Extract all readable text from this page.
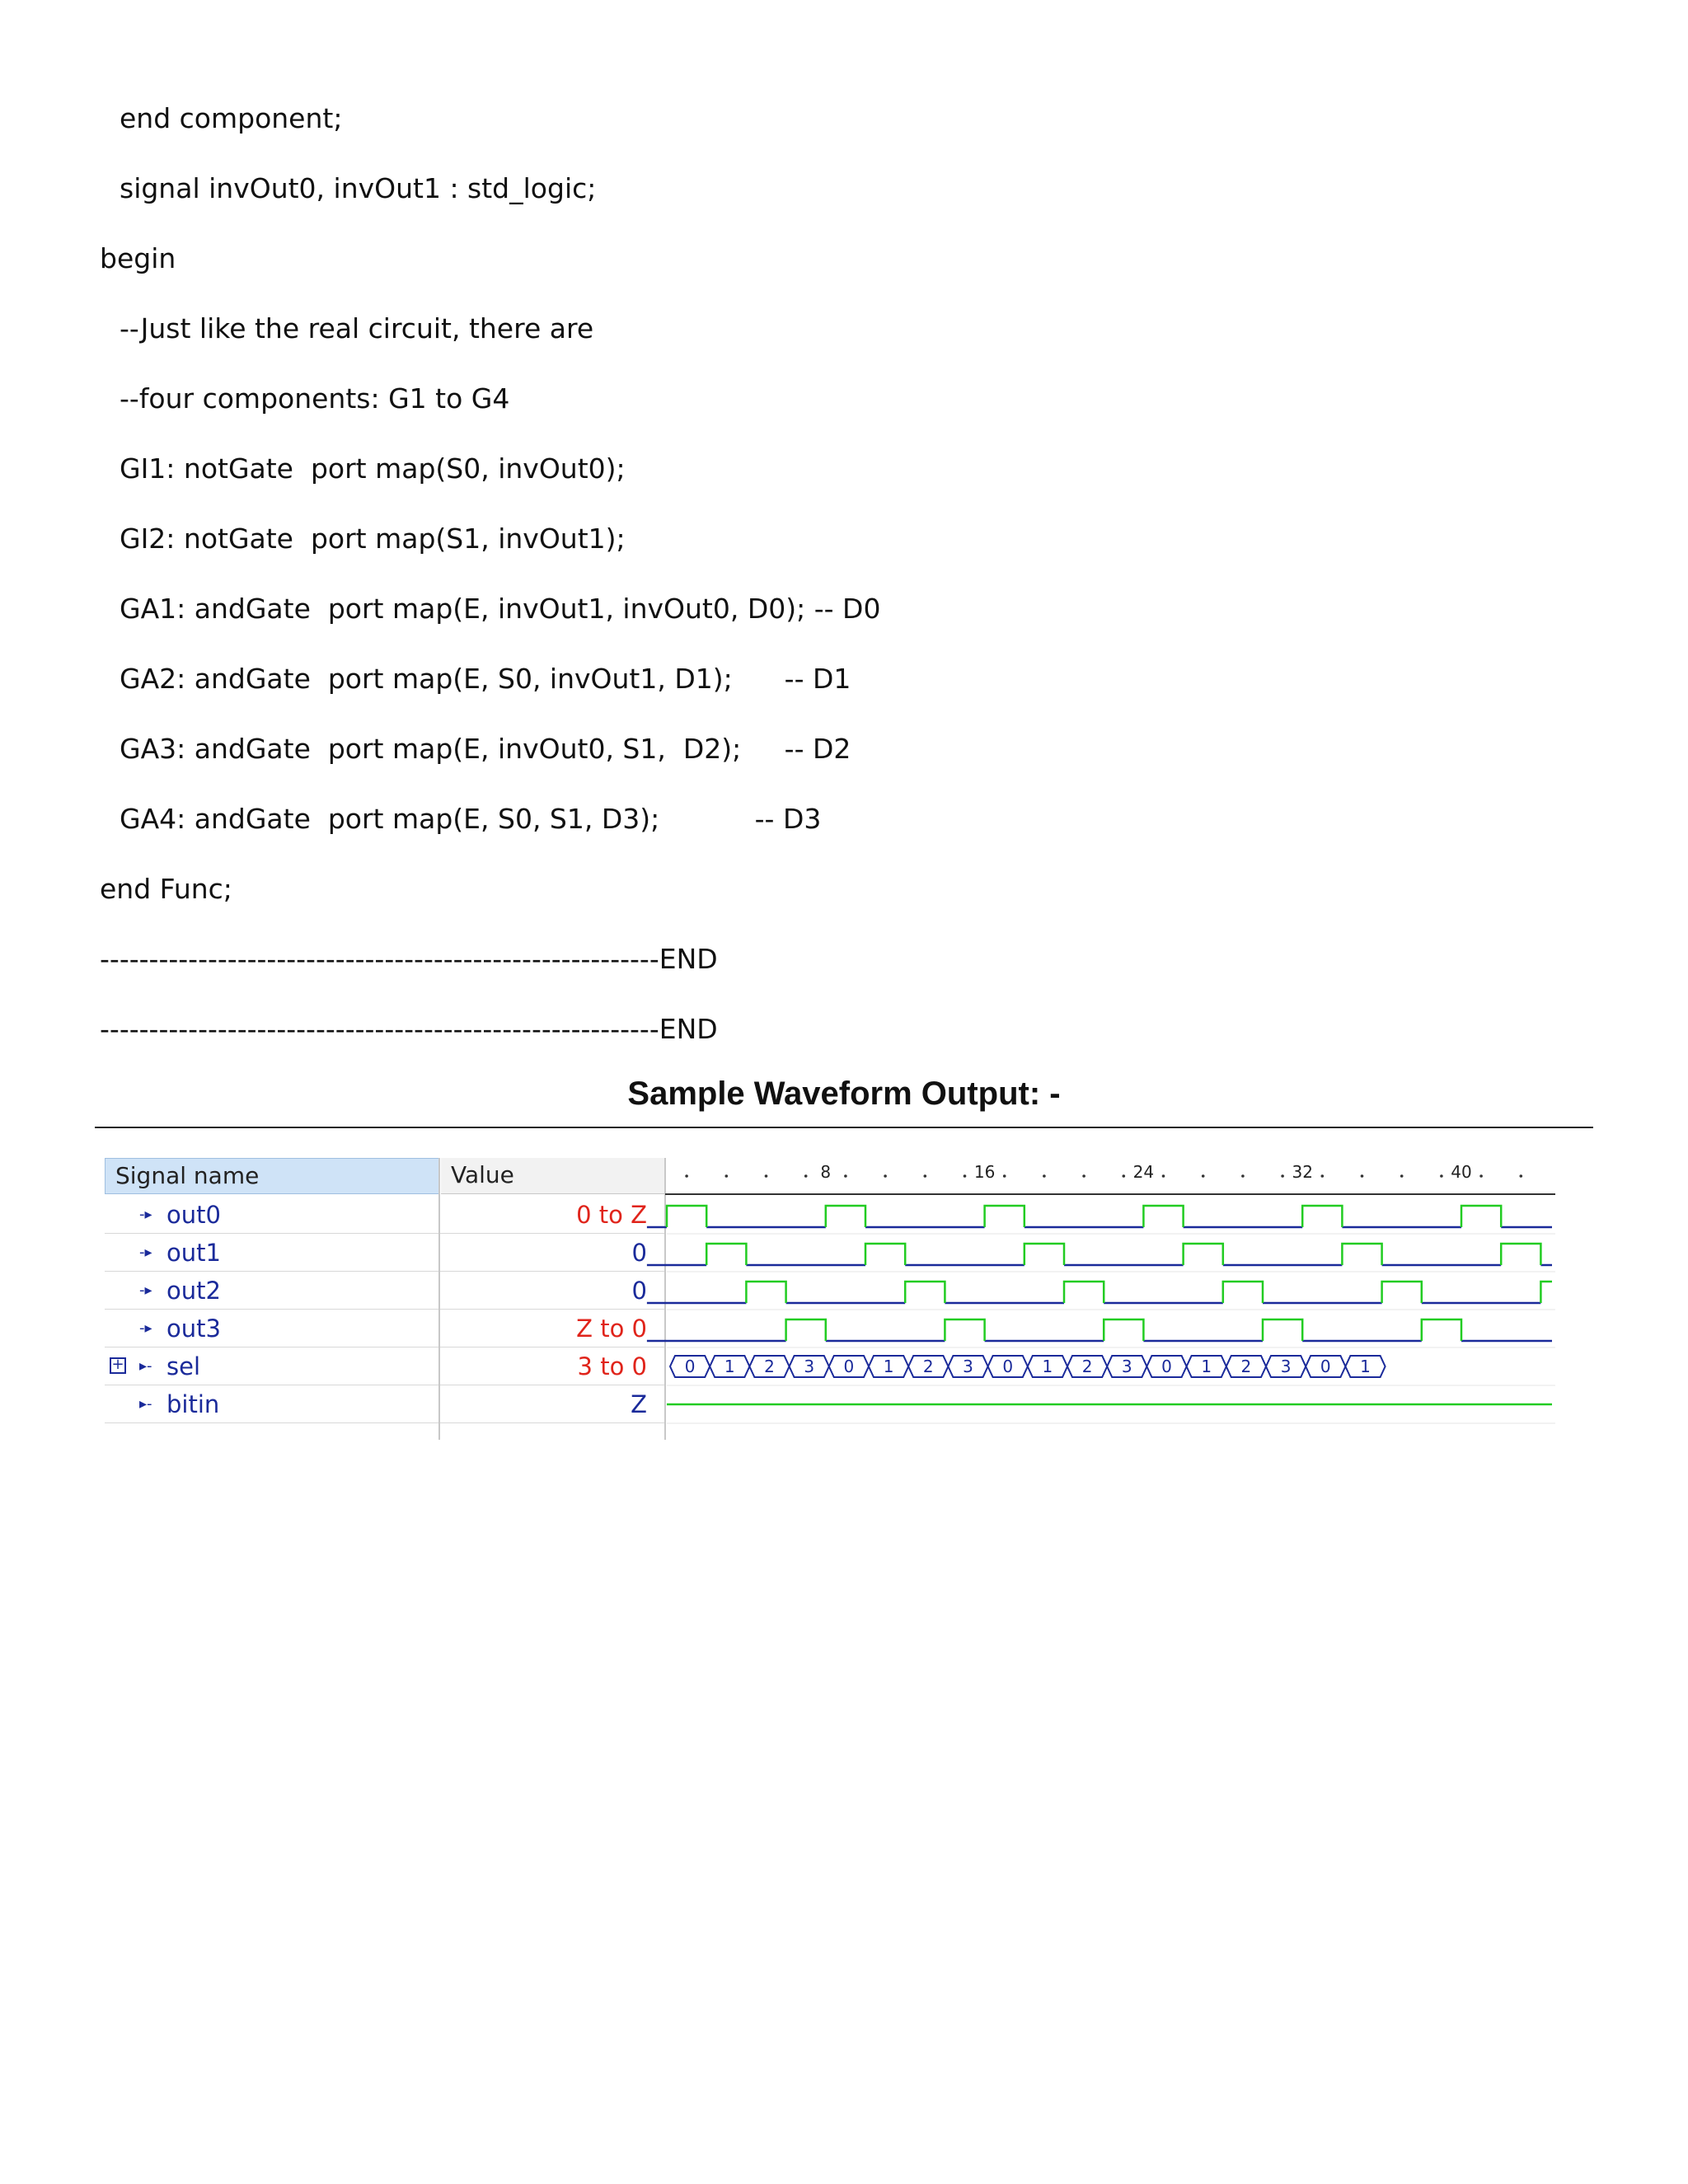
end component;
signal invOut0, invOut1 : std_logic;
begin
--Just like the real circuit, there are
--four components: G1 to G4
GI1: notGate  port map(S0, invOut0);
GI2: notGate  port map(S1, invOut1);
GA1: andGate  port map(E, invOut1, invOut0, D0); -- D0
GA2: andGate  port map(E, S0, invOut1, D1);      -- D1
GA3: andGate  port map(E, invOut0, S1,  D2);     -- D2
GA4: andGate  port map(E, S0, S1, D3);           -- D3
end Func;
---------------------------------------------------------END
---------------------------------------------------------END
Sample Waveform Output: -
Signal name	Value
-▸ out0	0 to Z
-▸ out1	0
-▸ out2	0
-▸ out3	Z to 0
+ ▸- sel	3 to 0
▸- bitin	Z
8	16	24	32	40
0 1 2 3 0 1 2 3 0 1 2 3 0 1 2 3 0 1
